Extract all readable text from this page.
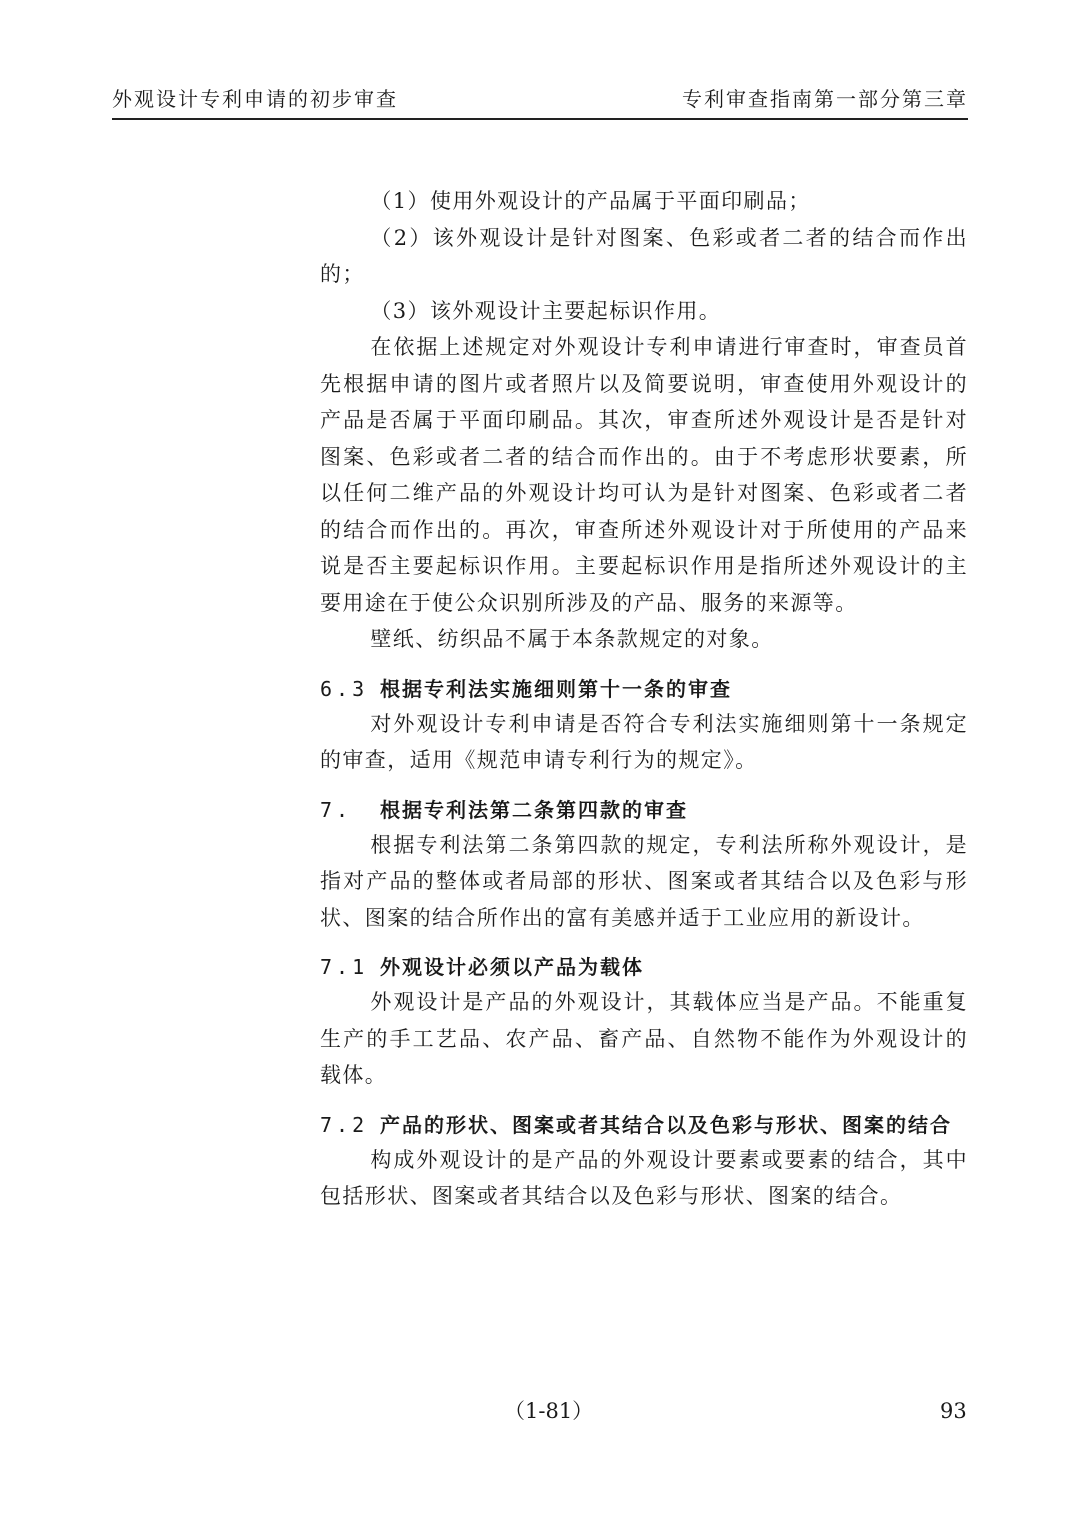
外观设计专利申请的初步审查	专利审查指南第一部分第三章

（1）使用外观设计的产品属于平面印刷品；

（2）该外观设计是针对图案、色彩或者二者的结合而作出的；

（3）该外观设计主要起标识作用。

在依据上述规定对外观设计专利申请进行审查时，审查员首先根据申请的图片或者照片以及简要说明，审查使用外观设计的产品是否属于平面印刷品。其次，审查所述外观设计是否是针对图案、色彩或者二者的结合而作出的。由于不考虑形状要素，所以任何二维产品的外观设计均可认为是针对图案、色彩或者二者的结合而作出的。再次，审查所述外观设计对于所使用的产品来说是否主要起标识作用。主要起标识作用是指所述外观设计的主要用途在于使公众识别所涉及的产品、服务的来源等。

壁纸、纺织品不属于本条款规定的对象。

6.3 根据专利法实施细则第十一条的审查

对外观设计专利申请是否符合专利法实施细则第十一条规定的审查，适用《规范申请专利行为的规定》。

7. 根据专利法第二条第四款的审查

根据专利法第二条第四款的规定，专利法所称外观设计，是指对产品的整体或者局部的形状、图案或者其结合以及色彩与形状、图案的结合所作出的富有美感并适于工业应用的新设计。

7.1 外观设计必须以产品为载体

外观设计是产品的外观设计，其载体应当是产品。不能重复生产的手工艺品、农产品、畜产品、自然物不能作为外观设计的载体。

7.2 产品的形状、图案或者其结合以及色彩与形状、图案的结合

构成外观设计的是产品的外观设计要素或要素的结合，其中包括形状、图案或者其结合以及色彩与形状、图案的结合。

（1-81）	93
